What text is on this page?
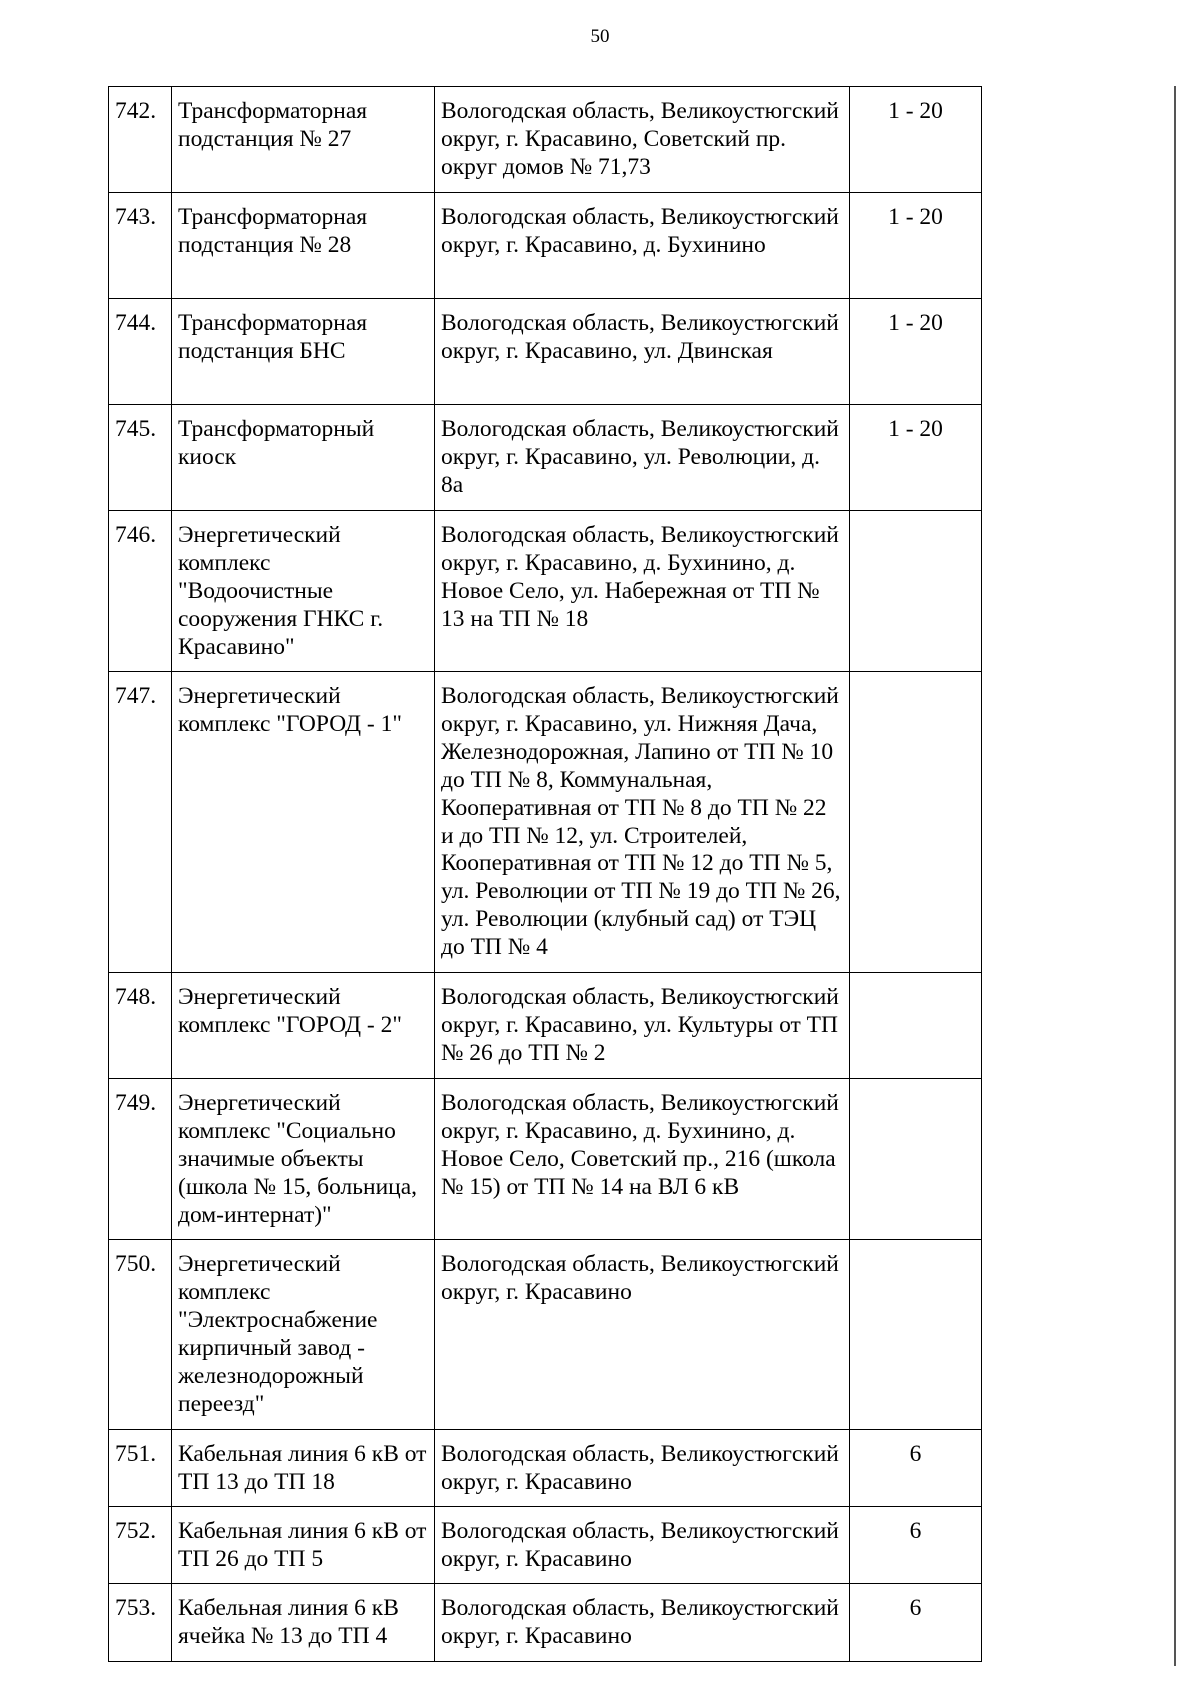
50
742.	Трансформаторная подстанция № 27	Вологодская область, Великоустюгский округ, г. Красавино, Советский пр. округ домов № 71,73	1 - 20
743.	Трансформаторная подстанция № 28	Вологодская область, Великоустюгский округ, г. Красавино, д. Бухинино	1 - 20
744.	Трансформаторная подстанция БНС	Вологодская область, Великоустюгский округ, г. Красавино, ул. Двинская	1 - 20
745.	Трансформаторный киоск	Вологодская область, Великоустюгский округ, г. Красавино, ул. Революции, д. 8а	1 - 20
746.	Энергетический комплекс "Водоочистные сооружения ГНКС г. Красавино"	Вологодская область, Великоустюгский округ, г. Красавино, д. Бухинино, д. Новое Село, ул. Набережная от ТП № 13 на ТП № 18	
747.	Энергетический комплекс "ГОРОД - 1"	Вологодская область, Великоустюгский округ, г. Красавино, ул. Нижняя Дача, Железнодорожная, Лапино от ТП № 10 до ТП № 8, Коммунальная, Кооперативная от ТП № 8 до ТП № 22 и до ТП № 12, ул. Строителей, Кооперативная от ТП № 12 до ТП № 5, ул. Революции от ТП № 19 до ТП № 26, ул. Революции (клубный сад) от ТЭЦ до ТП № 4	
748.	Энергетический комплекс "ГОРОД - 2"	Вологодская область, Великоустюгский округ, г. Красавино, ул. Культуры от ТП № 26 до ТП № 2	
749.	Энергетический комплекс "Социально значимые объекты (школа № 15, больница, дом-интернат)"	Вологодская область, Великоустюгский округ, г. Красавино, д. Бухинино, д. Новое Село, Советский пр., 216 (школа № 15) от ТП № 14 на ВЛ 6 кВ	
750.	Энергетический комплекс "Электроснабжение кирпичный завод - железнодорожный переезд"	Вологодская область, Великоустюгский округ, г. Красавино	
751.	Кабельная линия 6 кВ от ТП 13 до ТП 18	Вологодская область, Великоустюгский округ, г. Красавино	6
752.	Кабельная линия 6 кВ от ТП 26 до ТП 5	Вологодская область, Великоустюгский округ, г. Красавино	6
753.	Кабельная линия 6 кВ ячейка № 13 до ТП 4	Вологодская область, Великоустюгский округ, г. Красавино	6
